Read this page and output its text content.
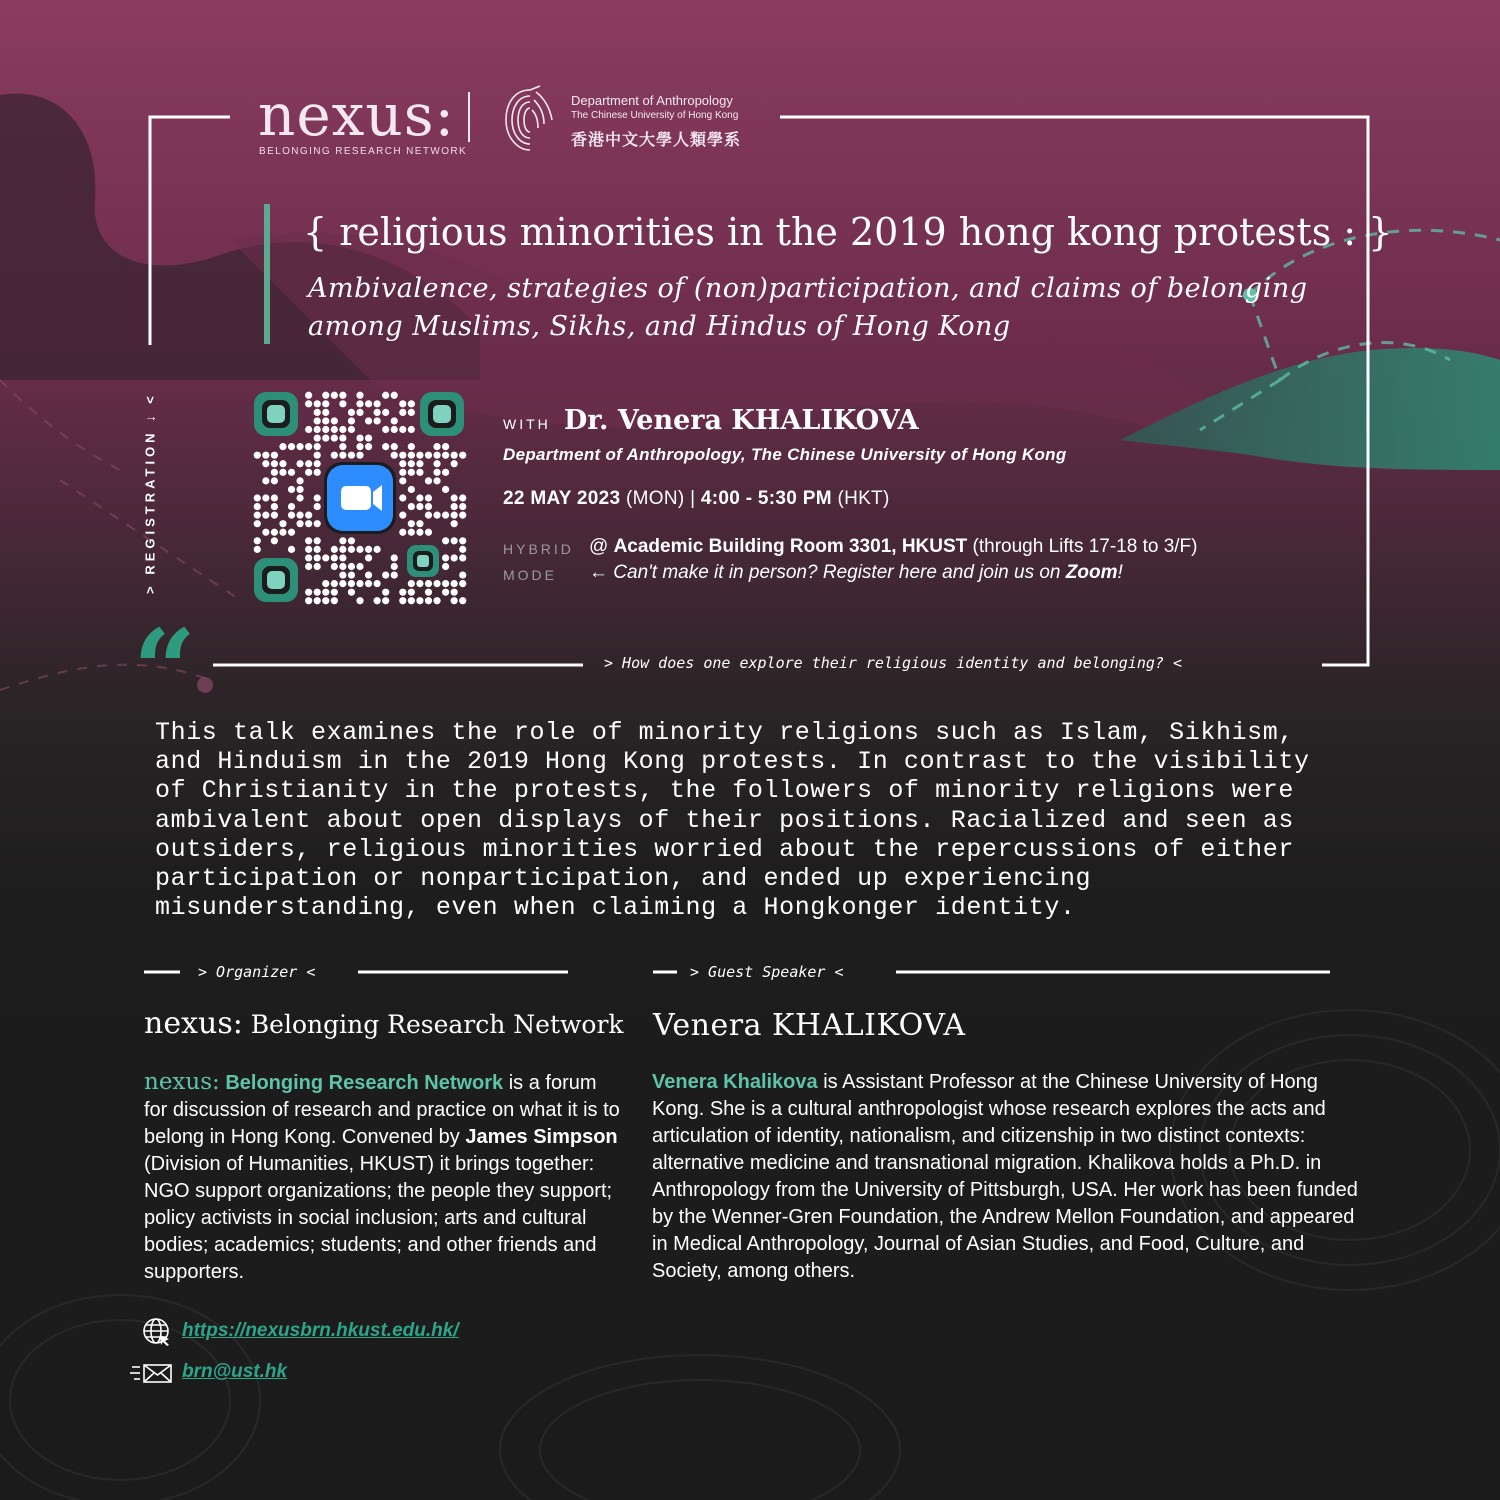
nexus:
BELONGING RESEARCH NETWORK
Department of Anthropology
The Chinese University of Hong Kong
香港中文大學人類學系
{ religious minorities in the 2019 hong kong protests : }
Ambivalence, strategies of (non)participation, and claims of belonging
among Muslims, Sikhs, and Hindus of Hong Kong
> REGISTRATION ↓ <	WITH Dr. Venera KHALIKOVA
Department of Anthropology, The Chinese University of Hong Kong
22 MAY 2023 (MON) | 4:00 - 5:30 PM (HKT)
HYBRID
MODE
@ Academic Building Room 3301, HKUST (through Lifts 17-18 to 3/F)
← Can't make it in person? Register here and join us on Zoom!
“	> How does one explore their religious identity and belonging? <
This talk examines the role of minority religions such as Islam, Sikhism,
and Hinduism in the 2019 Hong Kong protests. In contrast to the visibility
of Christianity in the protests, the followers of minority religions were
ambivalent about open displays of their positions. Racialized and seen as
outsiders, religious minorities worried about the repercussions of either
participation or nonparticipation, and ended up experiencing
misunderstanding, even when claiming a Hongkonger identity.
> Organizer <
nexus: Belonging Research Network
nexus: Belonging Research Network is a forum for discussion of research and practice on what it is to belong in Hong Kong. Convened by James Simpson (Division of Humanities, HKUST) it brings together: NGO support organizations; the people they support; policy activists in social inclusion; arts and cultural bodies; academics; students; and other friends and supporters.
> Guest Speaker <
Venera KHALIKOVA
Venera Khalikova is Assistant Professor at the Chinese University of Hong Kong. She is a cultural anthropologist whose research explores the acts and articulation of identity, nationalism, and citizenship in two distinct contexts: alternative medicine and transnational migration. Khalikova holds a Ph.D. in Anthropology from the University of Pittsburgh, USA. Her work has been funded by the Wenner-Gren Foundation, the Andrew Mellon Foundation, and appeared in Medical Anthropology, Journal of Asian Studies, and Food, Culture, and Society, among others.
https://nexusbrn.hkust.edu.hk/
brn@ust.hk
